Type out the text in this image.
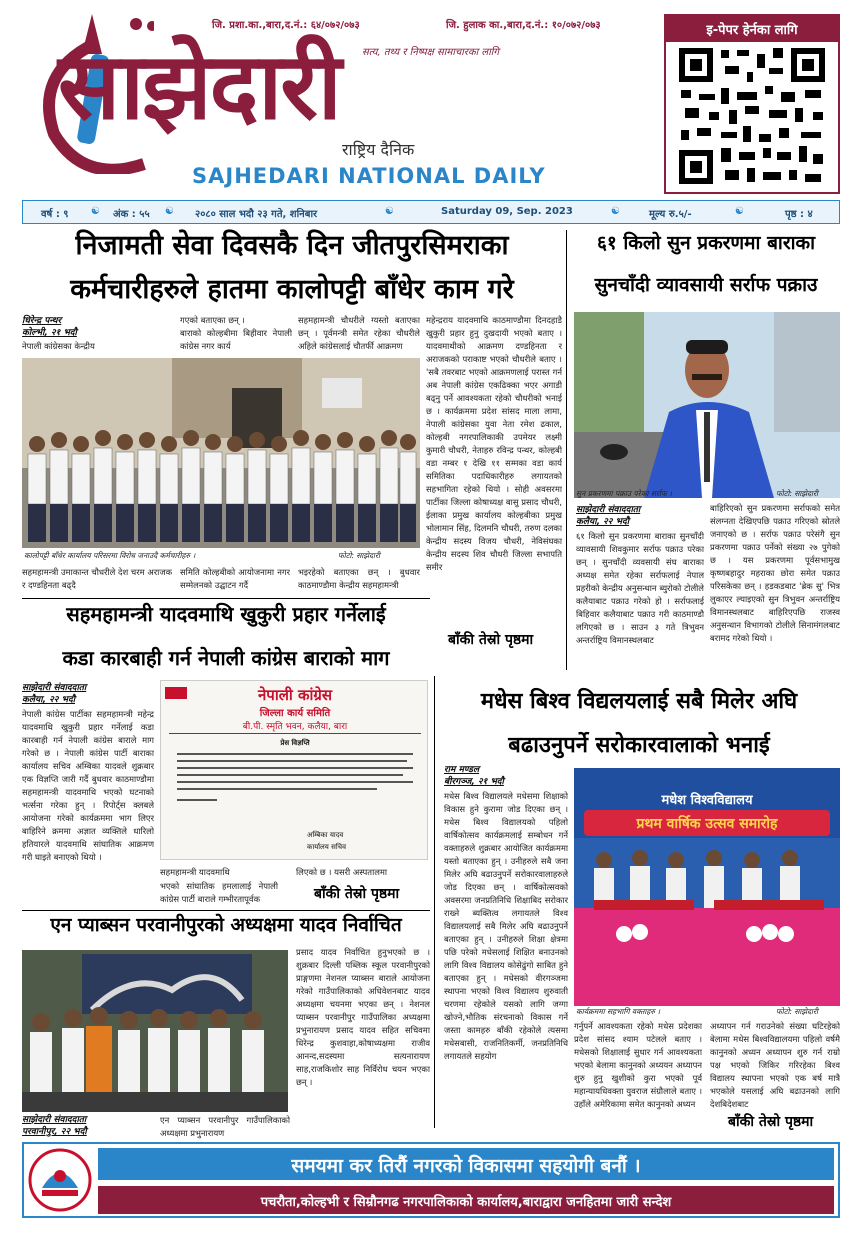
जि. प्रशा.का.,बारा,द.नं.: ६४/०७२/०७३	जि. हुलाक का.,बारा,द.नं.: १०/०७२/०७३
साझेदारी सत्य, तथ्य र निष्पक्ष सामाचारका लागि
राष्ट्रिय दैनिक
SAJHEDARI NATIONAL DAILY
इ-पेपर हेर्नका लागि
वर्ष : ९ ☯ अंक : ५५ ☯ २०८० साल भदौ २३ गते, शनिबार	☯	Saturday 09, Sep. 2023	☯	मूल्य रु.५/-	☯	पृष्ठ : ४
निजामती सेवा दिवसकै दिन जीतपुरसिमराका
कर्मचारीहरुले हातमा कालोपट्टी बाँधेर काम गरे
धिरेन्द्र पन्थर
कोल्भी, २१ भदौ
नेपाली कांग्रेसका केन्द्रीय
गएको बताएका छन् ।
बाराको कोल्हबीमा बिहीवार नेपाली कांग्रेस नगर कार्य
सहमहामन्त्री चौधरीले ग्यस्तो बताएका छन् । पूर्वमन्त्री समेत रहेका चौधरीले अहिले कांग्रेसलाई चौतर्फी आक्रमण
महेन्द्रराय यादवमाथि काठमाण्डौमा दिनदहाडै खुकुरी प्रहार हुनु दुखदायी भएको बताए । यादवमाथीको आक्रमण दण्डहिनता र अराजकको पराकाष्ट भएको चौधरीले बताए । 'सबै तवरबाट भएको आक्रमणलाई परास्त गर्न अब नेपाली कांग्रेस एकढिक्का भएर अगाडी बढ्नु पर्ने आवश्यकता रहेको चौधरीको भनाई छ । कार्यक्रममा प्रदेश सांसद माला लामा, नेपाली कांग्रेसका युवा नेता रमेश ढकाल, कोल्हबी नगरपालिकाकी उपमेयर लक्ष्मी कुमारी चौधरी, नेताहरु रविन्द्र पन्थर, कोल्हबी वडा नम्बर १ देखि ११ सम्मका वडा कार्य समितिका पदाधिकारीहरु लगायतको सहभागिता रहेको थियो । सोही अवसरमा पार्टीका जिल्ला कोषाध्यक्ष बासु प्रसाद चौधरी, ईलाका प्रमुख कार्यालय कोल्हबीका प्रमुख भोलामान सिंह, दिलमनि चौधरी, तरुण दलका केन्द्रीय सदस्य विजय चौधरी, नेविसंघका केन्द्रीय सदस्य शिव चौधरी जिल्ला सभापति समीर
कालोपट्टी बाँधेर कार्यालय परिसरमा विरोध जनाउदै कर्मचारीहरु ।	फोटो: साझेदारी
सहमहामन्त्री उमाकान्त चौधरीले देश चरम अराजक र दण्डहिनता बढ्दै
समिति कोल्हबीको आयोजनामा नगर सम्मेलनको उद्घाटन गर्दै
भइरहेको बताएका छन् । बुधवार काठमाण्डौमा केन्द्रीय सहमहामन्त्री
बाँकी तेस्रो पृष्ठमा
६१ किलो सुन प्रकरणमा बाराका
सुनचाँदी व्यावसायी सर्राफ पक्राउ
सुन प्रकरणमा पक्राउ परेका सर्राफ ।	फोटो: साझेदारी
साझेदारी संवाददाता
कलैया, २२ भदौ
६१ किलो सुन प्रकरणमा बाराका सुनचाँदी व्यावसायी शिवकुमार सर्राफ पक्राउ परेका छन् । सुनचाँदी व्यवसायी संघ बाराका अध्यक्ष समेत रहेका सर्राफलाई नेपाल प्रहरीको केन्द्रीय अनुसन्धान ब्युरोको टोलीले कलैयाबाट पक्राउ गरेको हो । सर्राफलाई बिहिवार कलैयाबाट पक्राउ गरी काठमाण्डौ लगिएको छ । साउन ३ गते त्रिभुवन अन्तर्राष्ट्रिय विमानस्थलबाट
बाहिरिएको सुन प्रकरणमा सर्राफको समेत संलग्नता देखिएपछि पक्राउ गरिएको स्रोतले जनाएको छ । सर्राफ पक्राउ परेसंगै सुन प्रकरणमा पक्राउ पर्नेको संख्या २७ पुगेको छ । यस प्रकरणमा पूर्वसभामुख कृष्णबहादुर महराका छोरा समेत पक्राउ परिसकेका छन् । हडकडबाट 'ब्रेक सु' भित्र लुकाएर ल्याइएको सुन त्रिभुवन अन्तर्राष्ट्रिय विमानस्थलबाट बाहिरिएपछि राजस्व अनुसन्धान विभागको टोलीले सिनामंगलबाट बरामद गरेको थियो ।
सहमहामन्त्री यादवमाथि खुकुरी प्रहार गर्नेलाई
कडा कारबाही गर्न नेपाली कांग्रेस बाराको माग
साझेदारी संवाददाता
कलैया, २२ भदौ
नेपाली कांग्रेस पार्टीका सहमहामन्त्री महेन्द्र यादवमाथि खुकुरी प्रहार गर्नेलाई कडा कारबाही गर्न नेपाली कांग्रेस बाराले माग गरेको छ । नेपाली कांग्रेस पार्टी बाराका कार्यालय सचिव अम्बिका यादवले शुक्रबार एक विज्ञप्ति जारी गर्दै बुधवार काठमाण्डौमा सहमहामन्त्री यादवमाथि भएको घटनाको भर्त्सना गरेका हुन् । रिपोर्ट्स क्लबले आयोजना गरेको कार्यक्रममा भाग लिएर बाहिरिने क्रममा अज्ञात व्यक्तिले धारिलो हतियारले यादवमाथि सांघातिक आक्रमण गरी घाइते बनाएको थियो ।
नेपाली कांग्रेस
जिल्ला कार्य समिति
बी.पी. स्मृति भवन, कलैया, बारा
प्रेस विज्ञप्ति
अम्बिका यादव
कार्यालय सचिव
सहमहामन्त्री यादवमाथि
भएको सांघातिक हमलालाई नेपाली कांग्रेस पार्टी बाराले गम्भीरतापूर्वक
लिएको छ । यसरी अस्पतालमा
बाँकी तेस्रो पृष्ठमा
मधेस बिश्व विद्यलयलाई सबै मिलेर अघि
बढाउनुपर्ने सरोकारवालाको भनाई
राम मण्डल
बीरगञ्ज, २१ भदौ
मधेस बिश्व विद्यालयले मधेसमा शिक्षाको विकास हुने कुरामा जोड दिएका छन् । मधेस बिश्व विद्यालयको पहिलो वार्षिकोत्सव कार्यक्रमलाई सम्बोधन गर्ने वक्ताहरुले शुक्रबार आयोजित कार्यक्रममा यस्तो बताएका हुन् । उनीहरुले सबै जना मिलेर अघि बढाउनुपर्ने सरोकारवालाहरुले जोड दिएका छन् । वार्षिकोत्सवको अवसरमा जनप्रतिनिधि शिक्षाबिद सरोकार राख्ने ब्यक्तित्व लगायतले विश्व विद्यालयलाई सबै मिलेर अघि बढाउनुपर्ने बताएका हुन् । उनीहरुले शिक्षा क्षेत्रमा पछि परेको मधेसलाई शिक्षित बनाउनको लागि विश्व विद्यालय कोसेढुंगो साबित हुने बताएका हुन् । मधेसको वीरगञ्जमा स्थापना भएको विश्व विद्यालय शुरुवाती चरणमा रहेकोले यसको लागि जग्गा खोज्ने,भौतिक संरचनाको विकास गर्ने जस्ता कामहरु बाँकी रहेकोले त्यसमा मधेसबासी, राजनितिकर्मी, जनप्रतिनिधि लगायतले सहयोग
मधेश विश्वविद्यालय
प्रथम वार्षिक उत्सव समारोह
कार्यक्रममा सहभागि वक्ताहरु ।	फोटो: साझेदारी
गर्नुपर्ने आवश्यकता रहेको मधेस प्रदेशका प्रदेश सांसद श्याम पटेलले बताए । मधेसको शिक्षालाई सुधार गर्न आवश्यकता भएको बेलामा कानुनको अध्ययन अध्यापन शुरु हुनु खुशीको कुरा भएको पूर्व महान्यायधिवक्ता युवराज संग्रौलाले बताए । उहाँले अमेरिकामा समेत कानुनको अध्यन
अध्यापन गर्न गराउनेको संख्या घटिरहेको बेलामा मधेस बिश्वविद्यालयमा पहिलो वर्षमै कानुनको अध्यन अध्यापन शुरु गर्न राम्रो पक्ष भएको जिकिर गरिरहेका बिश्व विद्यालय स्थापना भएको एक बर्ष मात्रै भएकोले यसलाई अघि बढाउनको लागि देशबिदेशबाट
बाँकी तेस्रो पृष्ठमा
एन प्याब्सन परवानीपुरको अध्यक्षमा यादव निर्वाचित
प्रसाद यादव निर्वाचित हुनुभएको छ । शुक्रबार दिल्ली पब्लिक स्कूल परवानीपुरको प्राङ्गणमा नेशनल प्याब्सन बाराले आयोजना गरेको गाउँपालिकाको अधिवेशनबाट यादव अध्यक्षमा चयनमा भएका छन् । नेशनल प्याब्सन परवानीपुर गाउँपालिका अध्यक्षमा प्रभुनारायण प्रसाद यादव सहित सचिवमा धिरेन्द्र कुशवाहा,कोषाध्यक्षमा राजीव आनन्द,सदस्यमा सत्यनारायण साह,राजकिशोर साह निर्विरोध चयन भएका छन् ।
साझेदारी संवाददाता
परवानीपुर, २२ भदौ
एन प्याब्सन परवानीपुर गाउँपालिकाको अध्यक्षमा प्रभुनारायण
समयमा कर तिरौं नगरको विकासमा सहयोगी बनौं ।
पचरौता,कोल्हभी र सिम्रौनगढ नगरपालिकाको कार्यालय,बाराद्वारा जनहितमा जारी सन्देश
